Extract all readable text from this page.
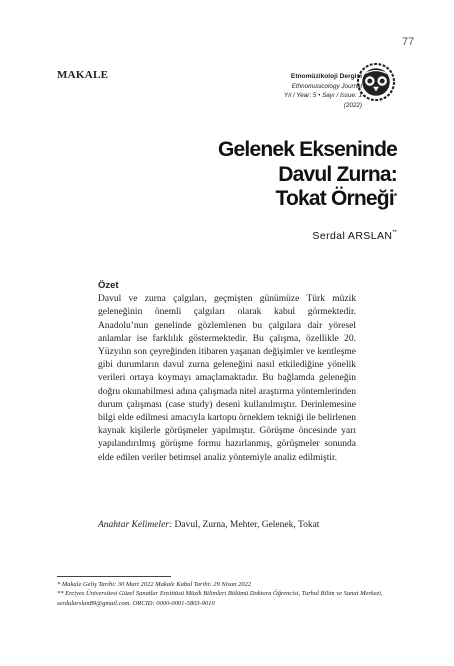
77
MAKALE	Etnomüzikoloji Dergisi
Ethnomusicology Journal
Yıl / Year: 5 • Sayı / Issue: 1
(2022)
Gelenek Ekseninde
Davul Zurna:
Tokat Örneği*
Serdal ARSLAN**
Özet
Davul ve zurna çalgıları, geçmişten günümüze Türk müzik geleneğinin önemli çalgıları olarak kabul görmektedir. Anadolu’nun genelinde gözlemlenen bu çalgılara dair yöresel anlamlar ise farklılık göstermektedir. Bu çalışma, özellikle 20. Yüzyılın son çeyreğinden itibaren yaşanan değişimler ve kentleşme gibi durumların davul zurna geleneğini nasıl etkilediğine yönelik verileri ortaya koymayı amaçlamaktadır. Bu bağlamda geleneğin doğru okunabilmesi adına çalışmada nitel araştırma yöntemlerinden durum çalışması (case study) deseni kullanılmıştır. Derinlemesine bilgi elde edilmesi amacıyla kartopu örneklem tekniği ile belirlenen kaynak kişilerle görüşmeler yapılmıştır. Görüşme öncesinde yarı yapılandırılmış görüşme formu hazırlanmış, görüşmeler sonunda elde edilen veriler betimsel analiz yöntemiyle analiz edilmiştir.
Anahtar Kelimeler: Davul, Zurna, Mehter, Gelenek, Tokat
* Makale Geliş Tarihi: 30 Mart 2022 Makale Kabul Tarihi: 29 Nisan 2022
** Erciyes Üniversitesi Güzel Sanatlar Enstitüsü Müzik Bilimleri Bölümü Doktora Öğrencisi, Turhal Bilim ve Sanat Merkezi, serdalarslan89@gmail.com. ORCID: 0000-0001-5803-9010
